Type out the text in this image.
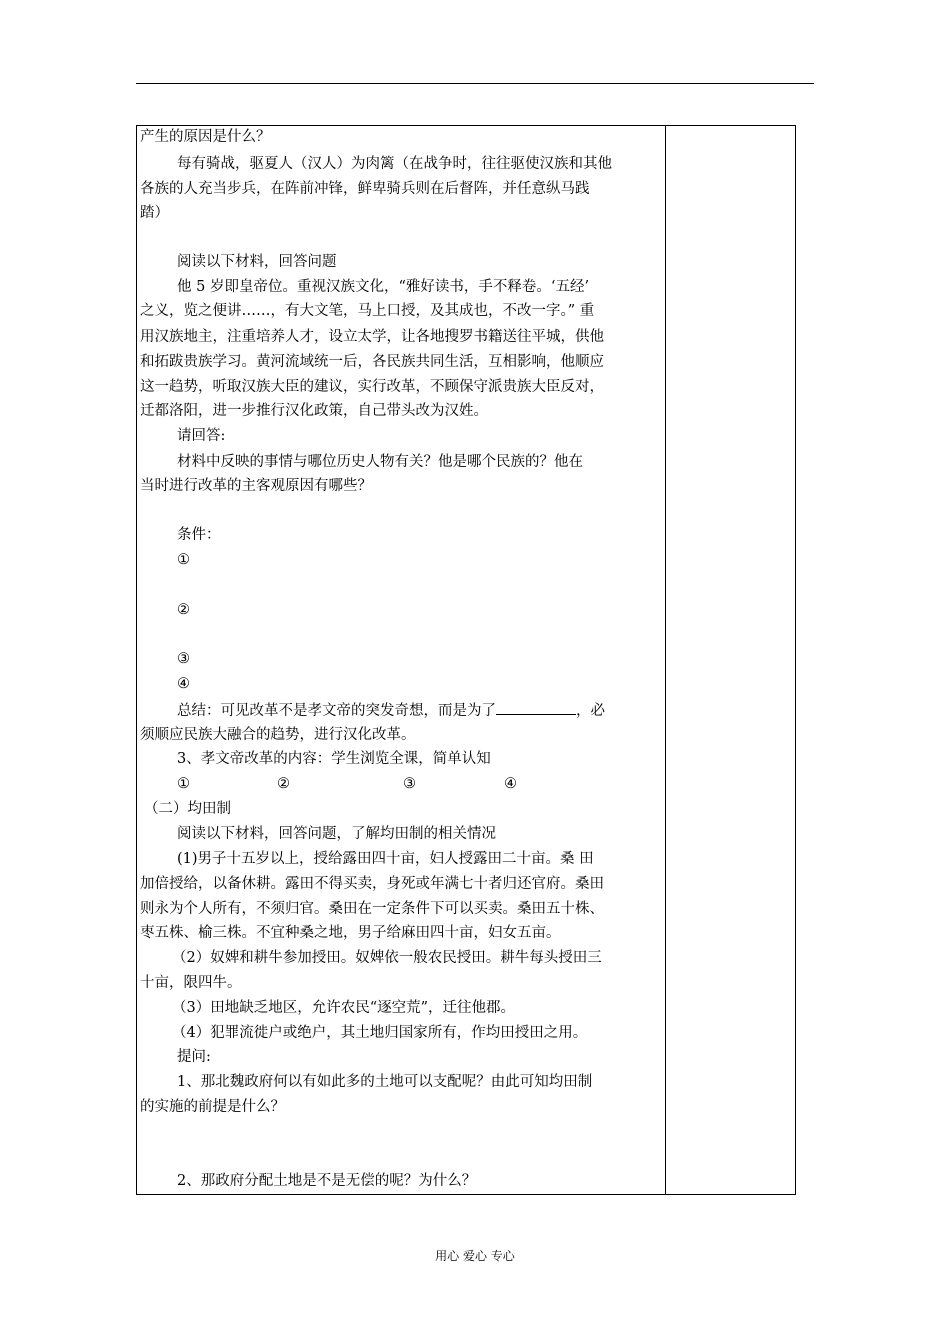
产生的原因是什么？
每有骑战，驱夏人（汉人）为肉篱（在战争时，往往驱使汉族和其他
各族的人充当步兵，在阵前冲锋，鲜卑骑兵则在后督阵，并任意纵马践
踏）
阅读以下材料，回答问题
他 5 岁即皇帝位。重视汉族文化，“雅好读书，手不释卷。‘五经’
之义，览之便讲……，有大文笔，马上口授，及其成也，不改一字。” 重
用汉族地主，注重培养人才，设立太学，让各地搜罗书籍送往平城，供他
和拓跋贵族学习。黄河流域统一后，各民族共同生活，互相影响，他顺应
这一趋势，听取汉族大臣的建议，实行改革，不顾保守派贵族大臣反对，
迁都洛阳，进一步推行汉化政策，自己带头改为汉姓。
请回答:
材料中反映的事情与哪位历史人物有关？他是哪个民族的？他在
当时进行改革的主客观原因有哪些？
条件：
①
②
③
④
总结：可见改革不是孝文帝的突发奇想，而是为了	，必
须顺应民族大融合的趋势，进行汉化改革。
3、孝文帝改革的内容：学生浏览全课，简单认知
①	②	③	④
（二）均田制
阅读以下材料，回答问题，了解均田制的相关情况
(1)男子十五岁以上，授给露田四十亩，妇人授露田二十亩。桑 田
加倍授给，以备休耕。露田不得买卖，身死或年满七十者归还官府。桑田
则永为个人所有，不须归官。桑田在一定条件下可以买卖。桑田五十株、
枣五株、榆三株。不宜种桑之地，男子给麻田四十亩，妇女五亩。
（2）奴婢和耕牛参加授田。奴婢依一般农民授田。耕牛每头授田三
十亩，限四牛。
（3）田地缺乏地区，允许农民“逐空荒”，迁往他郡。
（4）犯罪流徙户或绝户，其土地归国家所有，作均田授田之用。
提问:
1、那北魏政府何以有如此多的土地可以支配呢？由此可知均田制
的实施的前提是什么？
2、那政府分配土地是不是无偿的呢？为什么？
用心 爱心 专心
